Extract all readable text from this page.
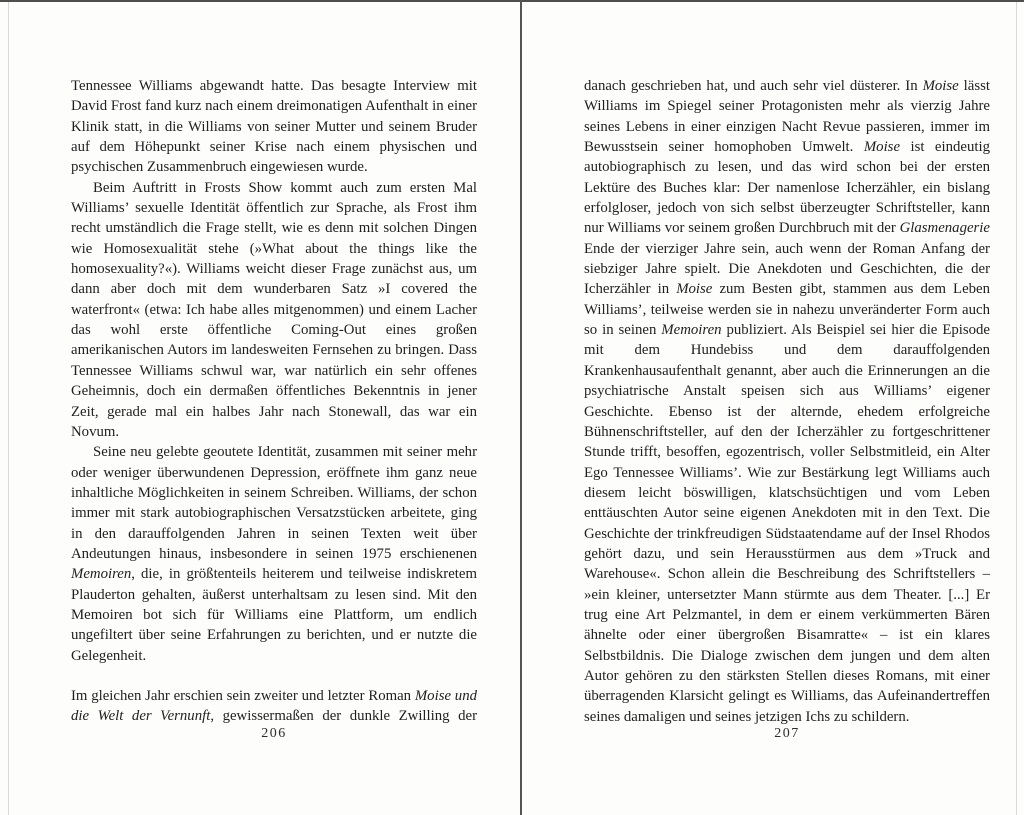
Tennessee Williams abgewandt hatte. Das besagte Interview mit David Frost fand kurz nach einem dreimonatigen Aufenthalt in einer Klinik statt, in die Williams von seiner Mutter und seinem Bruder auf dem Höhepunkt seiner Krise nach einem physischen und psychischen Zusammenbruch eingewiesen wurde.

Beim Auftritt in Frosts Show kommt auch zum ersten Mal Williams’ sexuelle Identität öffentlich zur Sprache, als Frost ihm recht umständlich die Frage stellt, wie es denn mit solchen Dingen wie Homosexualität stehe (»What about the things like the homosexuality?«). Williams weicht dieser Frage zunächst aus, um dann aber doch mit dem wunderbaren Satz »I covered the waterfront« (etwa: Ich habe alles mitgenommen) und einem Lacher das wohl erste öffentliche Coming-Out eines großen amerikanischen Autors im landesweiten Fernsehen zu bringen. Dass Tennessee Williams schwul war, war natürlich ein sehr offenes Geheimnis, doch ein dermaßen öffentliches Bekenntnis in jener Zeit, gerade mal ein halbes Jahr nach Stonewall, das war ein Novum.

Seine neu gelebte geoutete Identität, zusammen mit seiner mehr oder weniger überwundenen Depression, eröffnete ihm ganz neue inhaltliche Möglichkeiten in seinem Schreiben. Williams, der schon immer mit stark autobiographischen Versatzstücken arbeitete, ging in den darauffolgenden Jahren in seinen Texten weit über Andeutungen hinaus, insbesondere in seinen 1975 erschienenen Memoiren, die, in größtenteils heiterem und teilweise indiskretem Plauderton gehalten, äußerst unterhaltsam zu lesen sind. Mit den Memoiren bot sich für Williams eine Plattform, um endlich ungefiltert über seine Erfahrungen zu berichten, und er nutzte die Gelegenheit.

Im gleichen Jahr erschien sein zweiter und letzter Roman Moise und die Welt der Vernunft, gewissermaßen der dunkle Zwilling der

206

danach geschrieben hat, und auch sehr viel düsterer. In Moise lässt Williams im Spiegel seiner Protagonisten mehr als vierzig Jahre seines Lebens in einer einzigen Nacht Revue passieren, immer im Bewusstsein seiner homophoben Umwelt. Moise ist eindeutig autobiographisch zu lesen, und das wird schon bei der ersten Lektüre des Buches klar: Der namenlose Icherzähler, ein bislang erfolgloser, jedoch von sich selbst überzeugter Schriftsteller, kann nur Williams vor seinem großen Durchbruch mit der Glasmenagerie Ende der vierziger Jahre sein, auch wenn der Roman Anfang der siebziger Jahre spielt. Die Anekdoten und Geschichten, die der Icherzähler in Moise zum Besten gibt, stammen aus dem Leben Williams’, teilweise werden sie in nahezu unveränderter Form auch so in seinen Memoiren publiziert. Als Beispiel sei hier die Episode mit dem Hundebiss und dem darauffolgenden Krankenhausaufenthalt genannt, aber auch die Erinnerungen an die psychiatrische Anstalt speisen sich aus Williams’ eigener Geschichte. Ebenso ist der alternde, ehedem erfolgreiche Bühnenschriftsteller, auf den der Icherzähler zu fortgeschrittener Stunde trifft, besoffen, egozentrisch, voller Selbstmitleid, ein Alter Ego Tennessee Williams’. Wie zur Bestärkung legt Williams auch diesem leicht böswilligen, klatschsüchtigen und vom Leben enttäuschten Autor seine eigenen Anekdoten mit in den Text. Die Geschichte der trinkfreudigen Südstaatendame auf der Insel Rhodos gehört dazu, und sein Herausstürmen aus dem »Truck and Warehouse«. Schon allein die Beschreibung des Schriftstellers – »ein kleiner, untersetzter Mann stürmte aus dem Theater. [...] Er trug eine Art Pelzmantel, in dem er einem verkümmerten Bären ähnelte oder einer übergroßen Bisamratte« – ist ein klares Selbstbildnis. Die Dialoge zwischen dem jungen und dem alten Autor gehören zu den stärksten Stellen dieses Romans, mit einer überragenden Klarsicht gelingt es Williams, das Aufeinandertreffen seines damaligen und seines jetzigen Ichs zu schildern.

207
